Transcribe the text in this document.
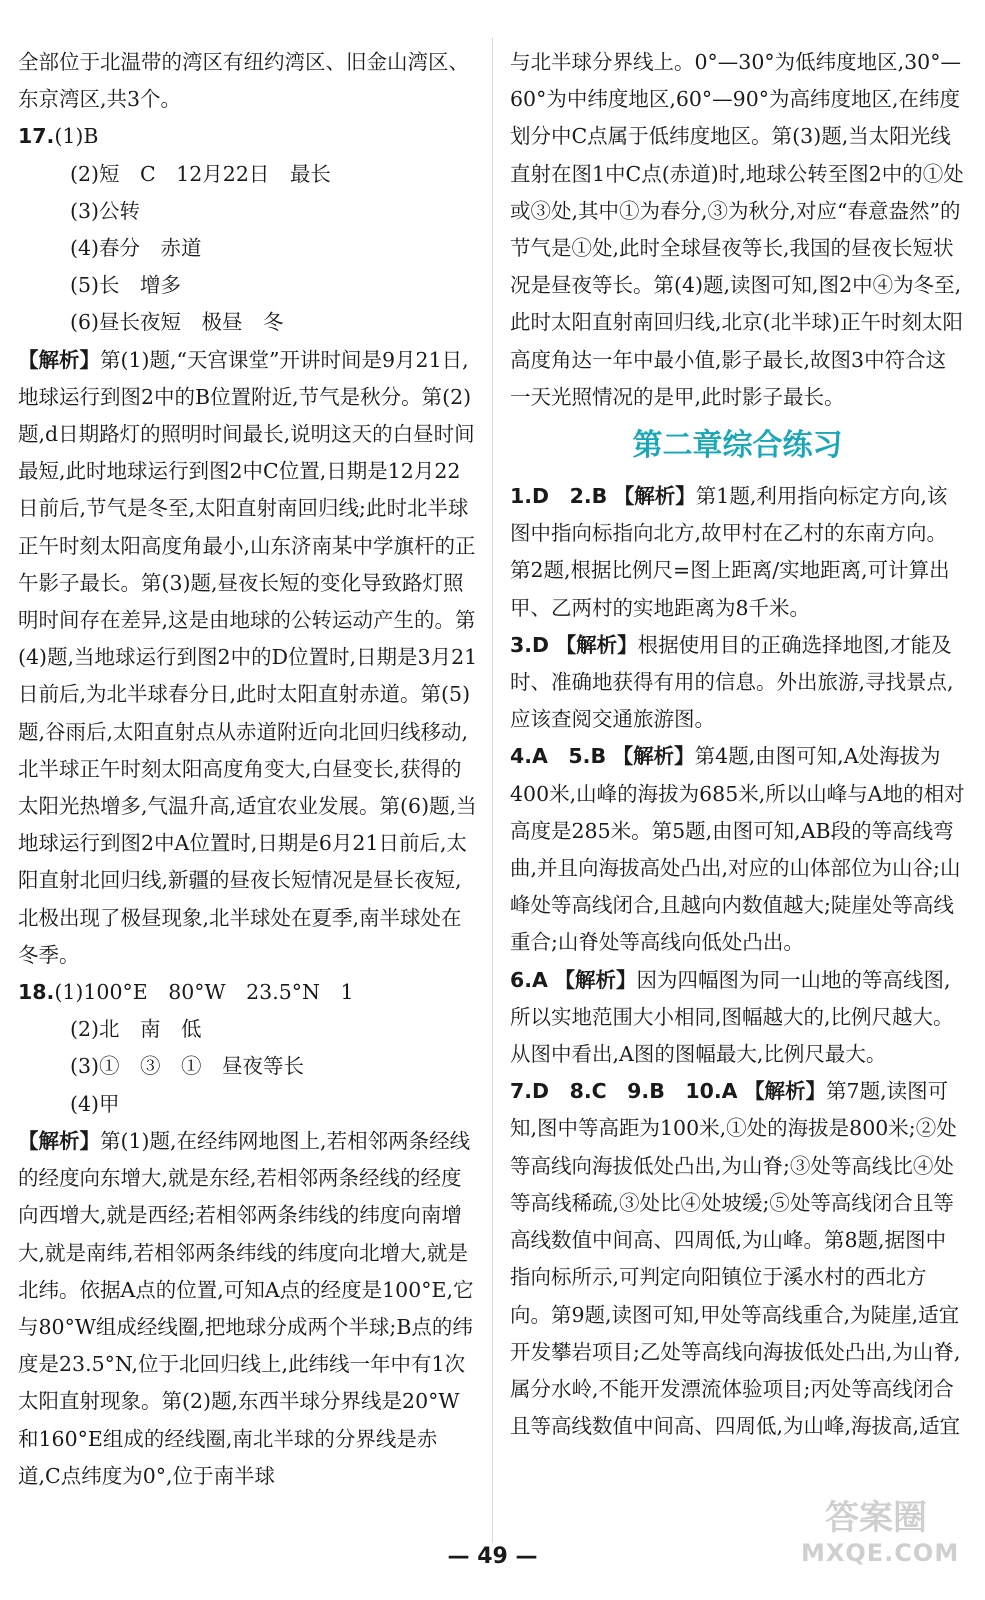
全部位于北温带的湾区有纽约湾区、旧金山湾区、东京湾区,共3个。

17.(1)B

(2)短　C　12月22日　最长

(3)公转

(4)春分　赤道

(5)长　增多

(6)昼长夜短　极昼　冬

【解析】第(1)题,“天宫课堂”开讲时间是9月21日,地球运行到图2中的B位置附近,节气是秋分。第(2)题,d日期路灯的照明时间最长,说明这天的白昼时间最短,此时地球运行到图2中C位置,日期是12月22日前后,节气是冬至,太阳直射南回归线;此时北半球正午时刻太阳高度角最小,山东济南某中学旗杆的正午影子最长。第(3)题,昼夜长短的变化导致路灯照明时间存在差异,这是由地球的公转运动产生的。第(4)题,当地球运行到图2中的D位置时,日期是3月21日前后,为北半球春分日,此时太阳直射赤道。第(5)题,谷雨后,太阳直射点从赤道附近向北回归线移动,北半球正午时刻太阳高度角变大,白昼变长,获得的太阳光热增多,气温升高,适宜农业发展。第(6)题,当地球运行到图2中A位置时,日期是6月21日前后,太阳直射北回归线,新疆的昼夜长短情况是昼长夜短,北极出现了极昼现象,北半球处在夏季,南半球处在冬季。

18.(1)100°E　80°W　23.5°N　1

(2)北　南　低

(3)①　③　①　昼夜等长

(4)甲

【解析】第(1)题,在经纬网地图上,若相邻两条经线的经度向东增大,就是东经,若相邻两条经线的经度向西增大,就是西经;若相邻两条纬线的纬度向南增大,就是南纬,若相邻两条纬线的纬度向北增大,就是北纬。依据A点的位置,可知A点的经度是100°E,它与80°W组成经线圈,把地球分成两个半球;B点的纬度是23.5°N,位于北回归线上,此纬线一年中有1次太阳直射现象。第(2)题,东西半球分界线是20°W和160°E组成的经线圈,南北半球的分界线是赤道,C点纬度为0°,位于南半球

与北半球分界线上。0°—30°为低纬度地区,30°—60°为中纬度地区,60°—90°为高纬度地区,在纬度划分中C点属于低纬度地区。第(3)题,当太阳光线直射在图1中C点(赤道)时,地球公转至图2中的①处或③处,其中①为春分,③为秋分,对应“春意盎然”的节气是①处,此时全球昼夜等长,我国的昼夜长短状况是昼夜等长。第(4)题,读图可知,图2中④为冬至,此时太阳直射南回归线,北京(北半球)正午时刻太阳高度角达一年中最小值,影子最长,故图3中符合这一天光照情况的是甲,此时影子最长。

第二章综合练习

1.D　2.B 【解析】第1题,利用指向标定方向,该图中指向标指向北方,故甲村在乙村的东南方向。第2题,根据比例尺=图上距离/实地距离,可计算出甲、乙两村的实地距离为8千米。

3.D 【解析】根据使用目的正确选择地图,才能及时、准确地获得有用的信息。外出旅游,寻找景点,应该查阅交通旅游图。

4.A　5.B 【解析】第4题,由图可知,A处海拔为400米,山峰的海拔为685米,所以山峰与A地的相对高度是285米。第5题,由图可知,AB段的等高线弯曲,并且向海拔高处凸出,对应的山体部位为山谷;山峰处等高线闭合,且越向内数值越大;陡崖处等高线重合;山脊处等高线向低处凸出。

6.A 【解析】因为四幅图为同一山地的等高线图,所以实地范围大小相同,图幅越大的,比例尺越大。从图中看出,A图的图幅最大,比例尺最大。

7.D　8.C　9.B　10.A 【解析】第7题,读图可知,图中等高距为100米,①处的海拔是800米;②处等高线向海拔低处凸出,为山脊;③处等高线比④处等高线稀疏,③处比④处坡缓;⑤处等高线闭合且等高线数值中间高、四周低,为山峰。第8题,据图中指向标所示,可判定向阳镇位于溪水村的西北方向。第9题,读图可知,甲处等高线重合,为陡崖,适宜开发攀岩项目;乙处等高线向海拔低处凸出,为山脊,属分水岭,不能开发漂流体验项目;丙处等高线闭合且等高线数值中间高、四周低,为山峰,海拔高,适宜

— 49 —
答案圈
MXQE.COM
